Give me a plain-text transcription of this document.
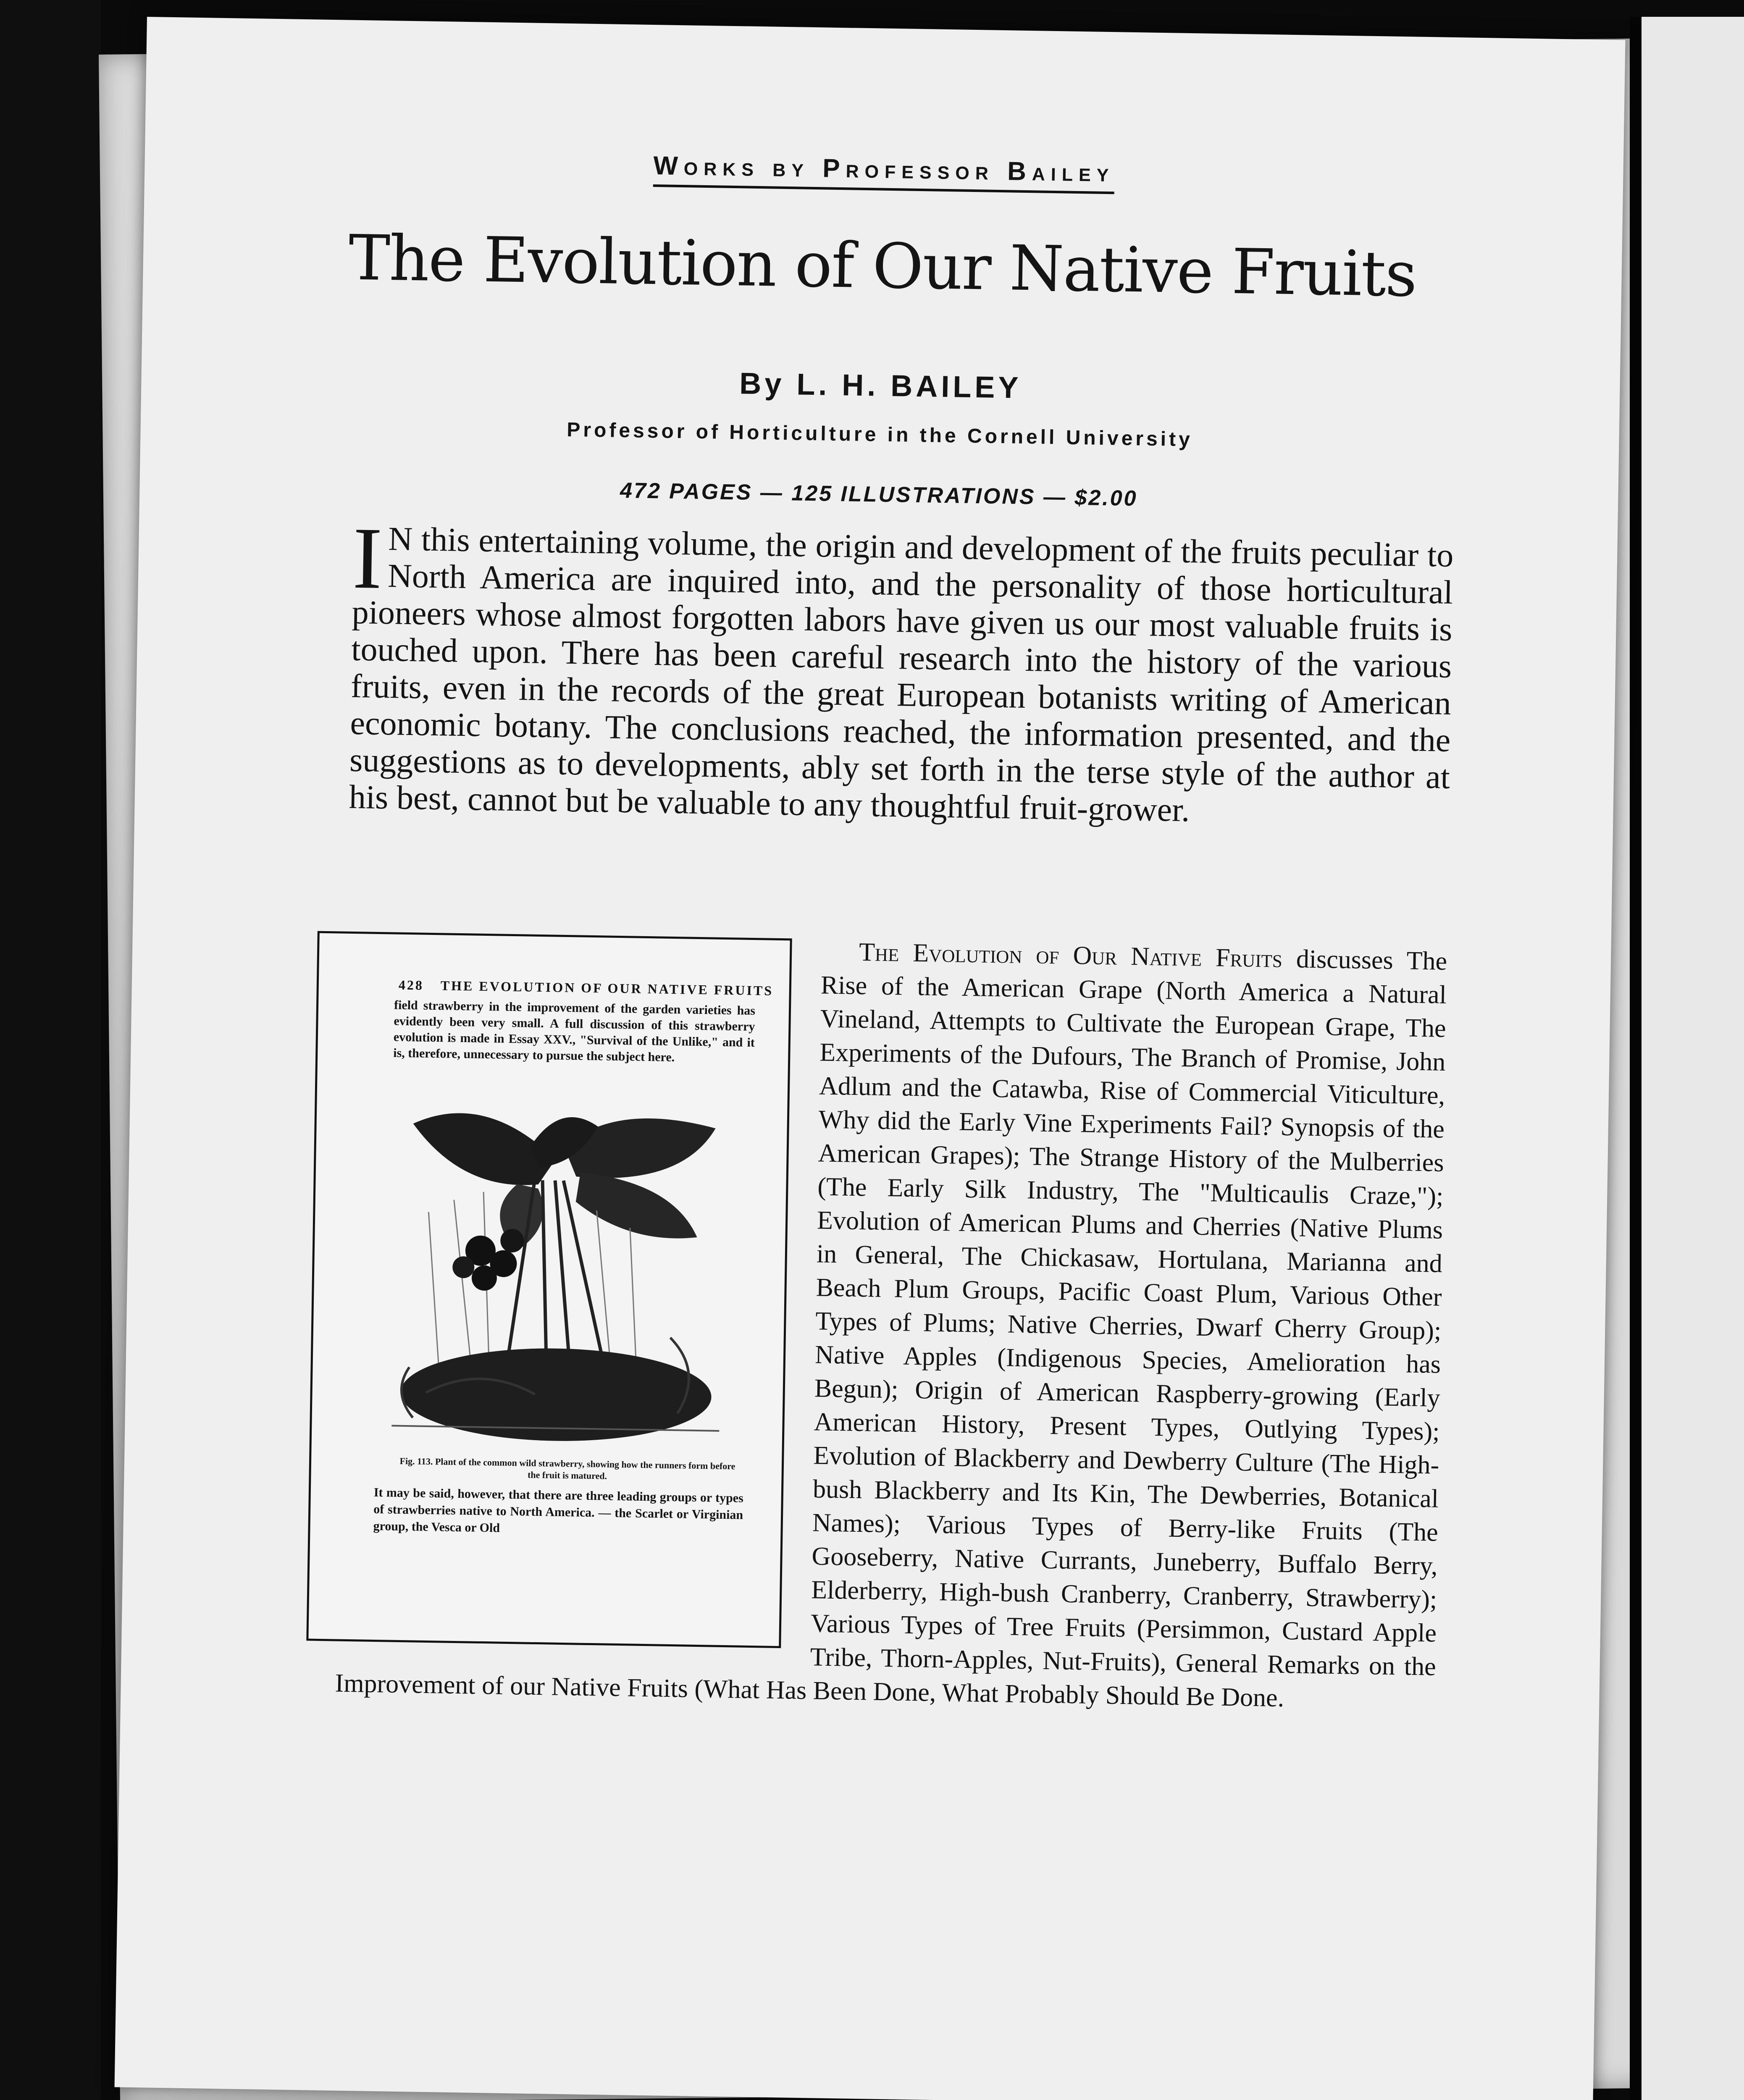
Works by Professor Bailey
The Evolution of Our Native Fruits
By L. H. BAILEY
Professor of Horticulture in the Cornell University
472 PAGES — 125 ILLUSTRATIONS — $2.00

I N this entertaining volume, the origin and development of the fruits peculiar to North America are inquired into, and the personality of those horticultural pioneers whose almost forgotten labors have given us our most valuable fruits is touched upon. There has been careful research into the history of the various fruits, even in the records of the great European botanists writing of American economic botany. The conclusions reached, the information presented, and the suggestions as to developments, ably set forth in the terse style of the author at his best, cannot but be valuable to any thoughtful fruit-grower.

428 THE EVOLUTION OF OUR NATIVE FRUITS

field strawberry in the improvement of the garden varieties has evidently been very small. A full discussion of this strawberry evolution is made in Essay XXV., "Survival of the Unlike," and it is, therefore, unnecessary to pursue the subject here.

Fig. 113. Plant of the common wild strawberry, showing how the runners form before the fruit is matured.

It may be said, however, that there are three leading groups or types of strawberries native to North America. — the Scarlet or Virginian group, the Vesca or Old

The Evolution of Our Native Fruits discusses The Rise of the American Grape (North America a Natural Vineland, Attempts to Cultivate the European Grape, The Experiments of the Dufours, The Branch of Promise, John Adlum and the Catawba, Rise of Commercial Viticulture, Why did the Early Vine Experiments Fail? Synopsis of the American Grapes); The Strange History of the Mulberries (The Early Silk Industry, The "Multicaulis Craze,"); Evolution of American Plums and Cherries (Native Plums in General, The Chickasaw, Hortulana, Marianna and Beach Plum Groups, Pacific Coast Plum, Various Other Types of Plums; Native Cherries, Dwarf Cherry Group); Native Apples (Indigenous Species, Amelioration has Begun); Origin of American Raspberry-growing (Early American History, Present Types, Outlying Types); Evolution of Blackberry and Dewberry Culture (The High-bush Blackberry and Its Kin, The Dewberries, Botanical Names); Various Types of Berry-like Fruits (The Gooseberry, Native Currants, Juneberry, Buffalo Berry, Elderberry, High-bush Cranberry, Cranberry, Strawberry); Various Types of Tree Fruits (Persimmon, Custard Apple Tribe, Thorn-Apples, Nut-Fruits), General Remarks on the Improvement of our Native Fruits (What Has Been Done, What Probably Should Be Done.
